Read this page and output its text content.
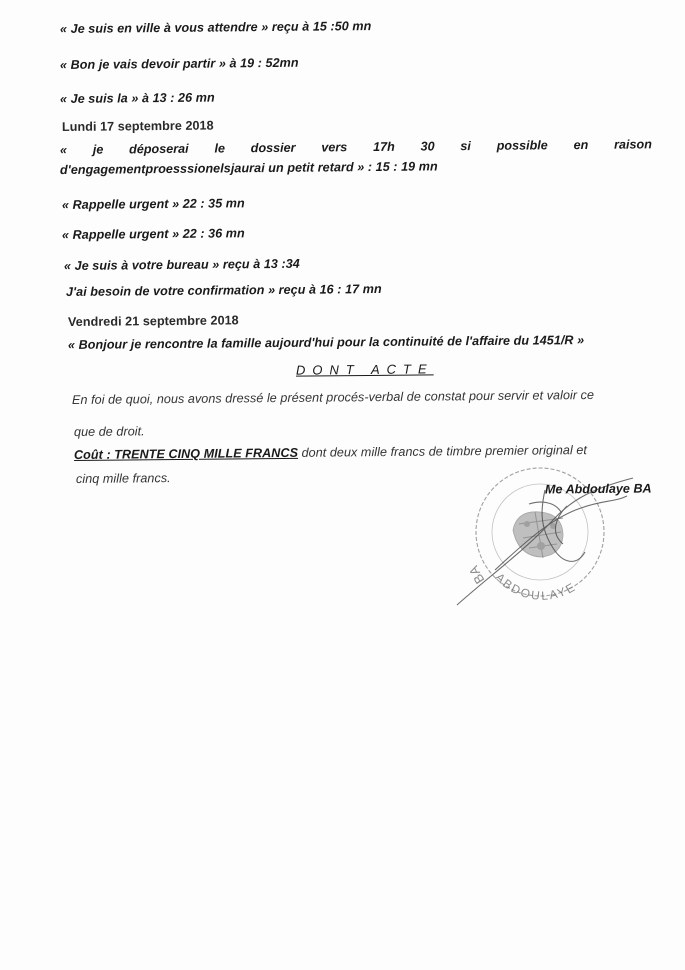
« Je suis en ville à vous attendre » reçu à 15 :50 mn
« Bon je vais devoir partir » à 19 : 52mn
« Je suis la » à 13 : 26 mn
Lundi 17 septembre 2018
« je déposerai le dossier vers 17h 30 si possible en raison
d'engagementproesssionelsjaurai un petit retard » : 15 : 19 mn
« Rappelle urgent » 22 : 35 mn
« Rappelle urgent » 22 : 36 mn
« Je suis à votre bureau » reçu à 13 :34
J'ai besoin de votre confirmation » reçu à 16 : 17 mn
Vendredi 21 septembre 2018
« Bonjour je rencontre la famille aujourd'hui pour la continuité de l'affaire du 1451/R »
DONT ACTE
En foi de quoi, nous avons dressé le présent procés-verbal de constat pour servir et valoir ce
que de droit.
Coût : TRENTE CINQ MILLE FRANCS dont deux mille francs de timbre premier original et
cinq mille francs.
BA ABDOULAYE
Me Abdoulaye BA
